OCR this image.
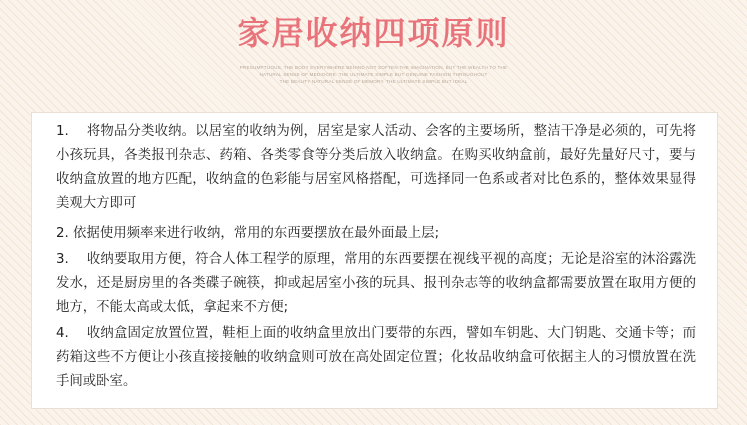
家居收纳四项原则
PRESUMPTUOUS. THE BODY EVERYWHERE BEHIND NOT SOFTEN THE IMAGINATION. BUT THE WEALTH TO THE
NATURAL SENSE OF MEDIOCRE. THE ULTIMATE SIMPLE BUT GENUINE FASHION THROUGHOUT
THE BEAUTY NATURAL SENSE OF MEMORY. THE ULTIMATE SIMPLE BUT IDEAL

1.　 将物品分类收纳。以居室的收纳为例，居室是家人活动、会客的主要场所，整洁干净是必须的，可先将小孩玩具，各类报刊杂志、药箱、各类零食等分类后放入收纳盒。在购买收纳盒前，最好先量好尺寸，要与收纳盒放置的地方匹配，收纳盒的色彩能与居室风格搭配，可选择同一色系或者对比色系的，整体效果显得美观大方即可

2. 依据使用频率来进行收纳，常用的东西要摆放在最外面最上层;

3.　 收纳要取用方便，符合人体工程学的原理，常用的东西要摆在视线平视的高度；无论是浴室的沐浴露洗发水，还是厨房里的各类碟子碗筷，抑或起居室小孩的玩具、报刊杂志等的收纳盒都需要放置在取用方便的地方，不能太高或太低，拿起来不方便;

4.　 收纳盒固定放置位置，鞋柜上面的收纳盒里放出门要带的东西，譬如车钥匙、大门钥匙、交通卡等；而药箱这些不方便让小孩直接接触的收纳盒则可放在高处固定位置；化妆品收纳盒可依据主人的习惯放置在洗手间或卧室。
